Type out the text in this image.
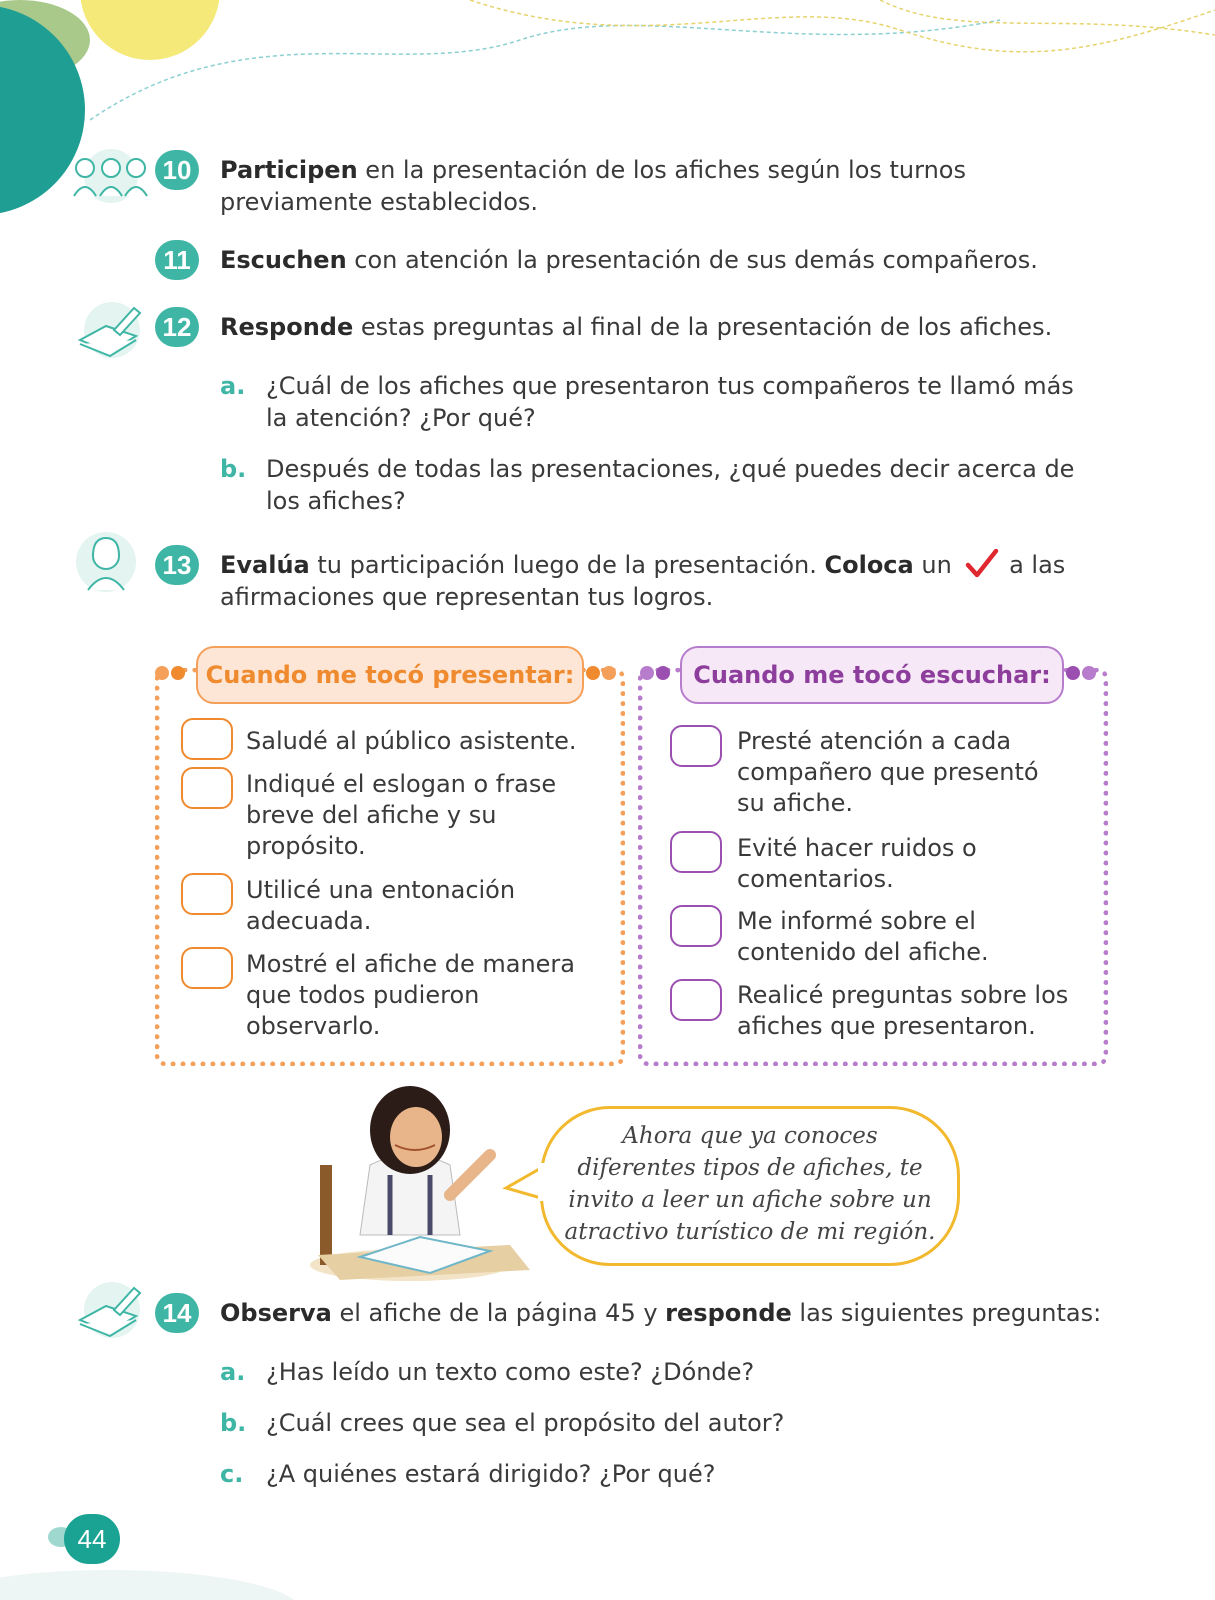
10	Participen en la presentación de los afiches según los turnos previamente establecidos.
11	Escuchen con atención la presentación de sus demás compañeros.
12	Responde estas preguntas al final de la presentación de los afiches.
a. ¿Cuál de los afiches que presentaron tus compañeros te llamó más la atención? ¿Por qué?
b. Después de todas las presentaciones, ¿qué puedes decir acerca de los afiches?
13	Evalúa tu participación luego de la presentación. Coloca un  a las afirmaciones que representan tus logros.
Cuando me tocó presentar:
Saludé al público asistente.
Indiqué el eslogan o frase breve del afiche y su propósito.
Utilicé una entonación adecuada.
Mostré el afiche de manera que todos pudieron observarlo.
Cuando me tocó escuchar:
Presté atención a cada compañero que presentó su afiche.
Evité hacer ruidos o comentarios.
Me informé sobre el contenido del afiche.
Realicé preguntas sobre los afiches que presentaron.
Ahora que ya conoces diferentes tipos de afiches, te invito a leer un afiche sobre un atractivo turístico de mi región.
14	Observa el afiche de la página 45 y responde las siguientes preguntas:
a. ¿Has leído un texto como este? ¿Dónde?
b. ¿Cuál crees que sea el propósito del autor?
c. ¿A quiénes estará dirigido? ¿Por qué?
44
